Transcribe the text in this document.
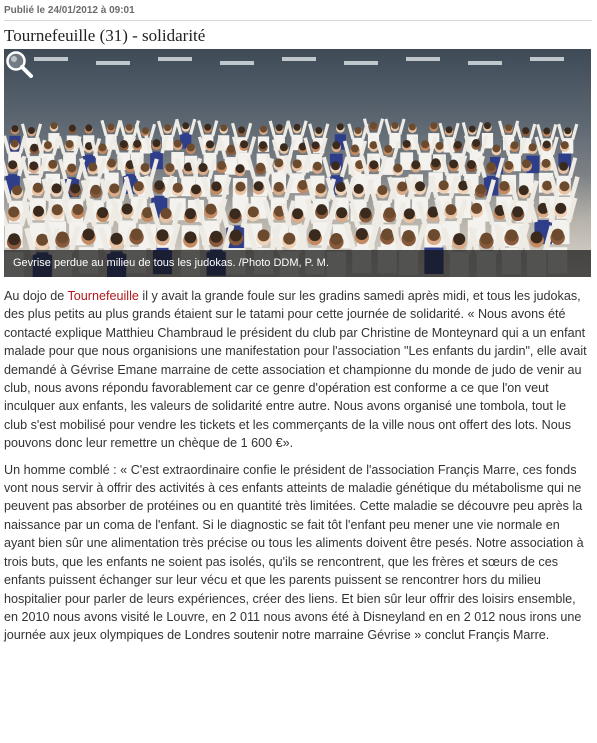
Publié le 24/01/2012 à 09:01
Tournefeuille (31) - solidarité
Gevrise perdue au milieu de tous les judokas. /Photo DDM, P. M.

Au dojo de Tournefeuille il y avait la grande foule sur les gradins samedi après midi, et tous les judokas, des plus petits au plus grands étaient sur le tatami pour cette journée de solidarité. « Nous avons été contacté explique Matthieu Chambraud le président du club par Christine de Monteynard qui a un enfant malade pour que nous organisions une manifestation pour l'association "Les enfants du jardin", elle avait demandé à Gévrise Emane marraine de cette association et championne du monde de judo de venir au club, nous avons répondu favorablement car ce genre d'opération est conforme a ce que l'on veut inculquer aux enfants, les valeurs de solidarité entre autre. Nous avons organisé une tombola, tout le club s'est mobilisé pour vendre les tickets et les commerçants de la ville nous ont offert des lots. Nous pouvons donc leur remettre un chèque de 1 600 €».

Un homme comblé : « C'est extraordinaire confie le président de l'association Françis Marre, ces fonds vont nous servir à offrir des activités à ces enfants atteints de maladie génétique du métabolisme qui ne peuvent pas absorber de protéines ou en quantité très limitées. Cette maladie se découvre peu après la naissance par un coma de l'enfant. Si le diagnostic se fait tôt l'enfant peu mener une vie normale en ayant bien sûr une alimentation très précise ou tous les aliments doivent être pesés. Notre association à trois buts, que les enfants ne soient pas isolés, qu'ils se rencontrent, que les frères et sœurs de ces enfants puissent échanger sur leur vécu et que les parents puissent se rencontrer hors du milieu hospitalier pour parler de leurs expériences, créer des liens. Et bien sûr leur offrir des loisirs ensemble, en 2010 nous avons visité le Louvre, en 2 011 nous avons été à Disneyland en en 2 012 nous irons une journée aux jeux olympiques de Londres soutenir notre marraine Gévrise » conclut Françis Marre.
